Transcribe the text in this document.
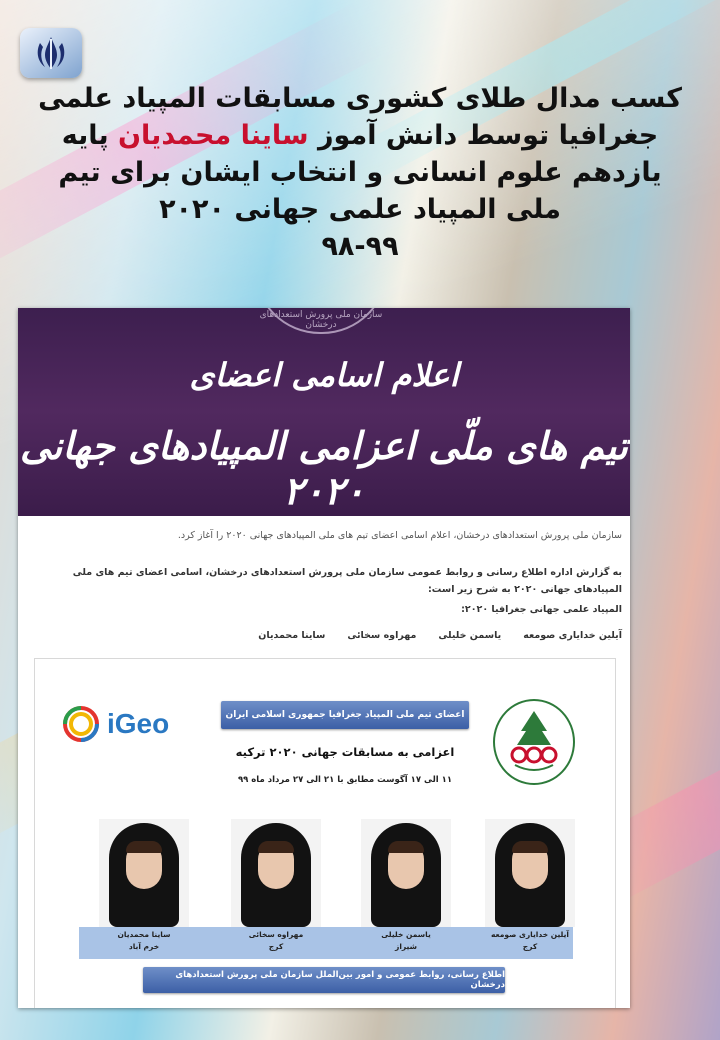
کسب مدال طلای کشوری مسابقات المپیاد علمی
جغرافیا توسط دانش آموز ساینا محمدیان پایه
یازدهم علوم انسانی و انتخاب ایشان برای تیم
ملی المپیاد علمی جهانی ۲۰۲۰
۹۸-۹۹
سازمان ملی پرورش استعدادهای درخشان
اعلام اسامی اعضای
تیم های ملّی اعزامی المپیادهای جهانی ۲۰۲۰
سازمان ملی پرورش استعدادهای درخشان، اعلام اسامی اعضای تیم های ملی المپیادهای جهانی ۲۰۲۰ را آغاز کرد.
به گزارش اداره اطلاع رسانی و روابط عمومی سازمان ملی پرورش استعدادهای درخشان، اسامی اعضای تیم های ملی المپیادهای جهانی ۲۰۲۰ به شرح زیر است:
المپیاد علمی جهانی جغرافیا ۲۰۲۰:
آیلین خدایاری صومعه
یاسمن خلیلی
مهراوه سخائی
ساینا محمدیان
iGeo	اعضای تیم ملی المپیاد جغرافیا جمهوری اسلامی ایران
اعزامی به مسابقات جهانی ۲۰۲۰ ترکیه
۱۱ الی ۱۷ آگوست مطابق با ۲۱ الی ۲۷ مرداد ماه ۹۹
ساینا محمدیان
خرم آباد
مهراوه سخائی
کرج
یاسمن خلیلی
شیراز
آیلین خدایاری صومعه
کرج
اطلاع رسانی، روابط عمومی و امور بین‌الملل سازمان ملی پرورش استعدادهای درخشان
